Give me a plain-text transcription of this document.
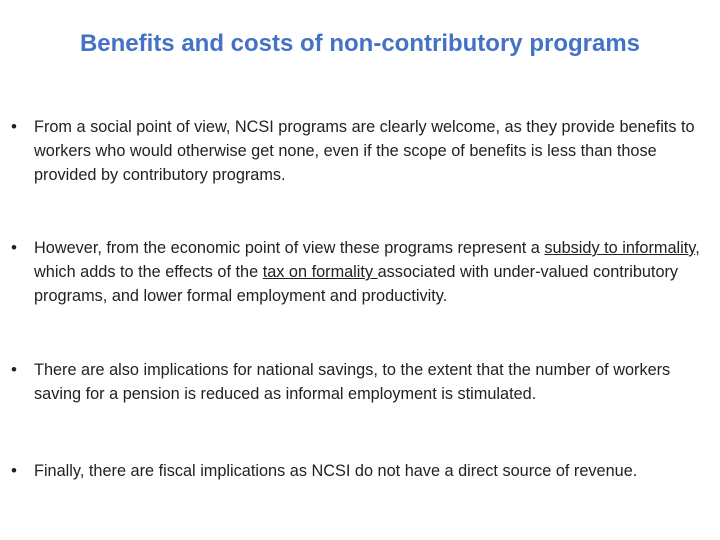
Benefits and costs of non-contributory programs
• From a social point of view, NCSI programs are clearly welcome, as they provide benefits to workers who would otherwise get none, even if the scope of benefits is less than those provided by contributory programs.
• However, from the economic point of view these programs represent a subsidy to informality, which adds to the effects of the tax on formality associated with under-valued contributory programs, and lower formal employment and productivity.
• There are also implications for national savings, to the extent that the number of workers saving for a pension is reduced as informal employment is stimulated.
• Finally, there are fiscal implications as NCSI do not have a direct source of revenue.
